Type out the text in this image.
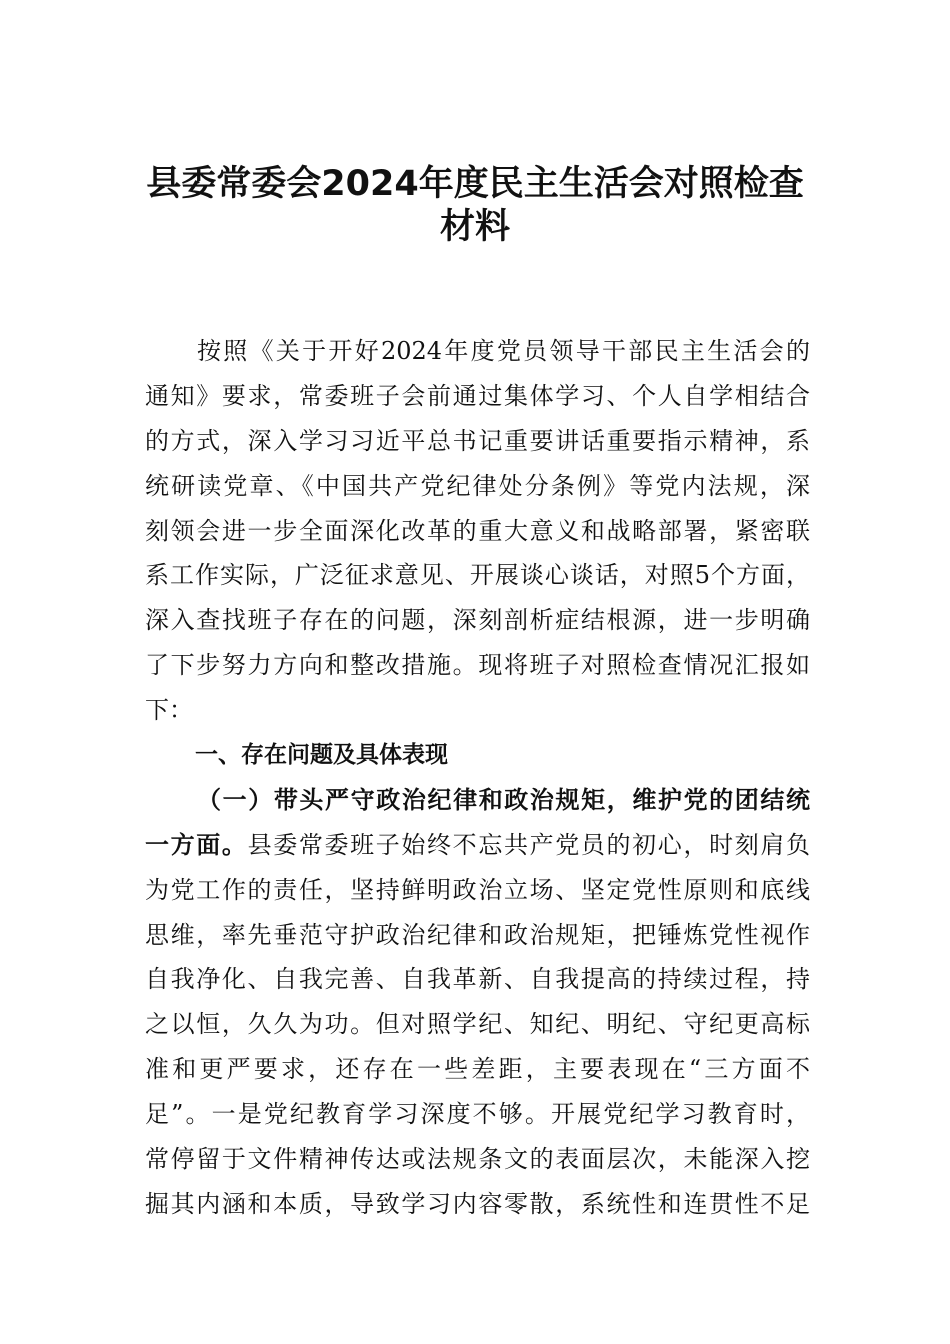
县委常委会2024年度民主生活会对照检查
材料

按照《关于开好2024年度党员领导干部民主生活会的

通知》要求，常委班子会前通过集体学习、个人自学相结合

的方式，深入学习习近平总书记重要讲话重要指示精神，系

统研读党章、《中国共产党纪律处分条例》等党内法规，深

刻领会进一步全面深化改革的重大意义和战略部署，紧密联

系工作实际，广泛征求意见、开展谈心谈话，对照5个方面，

深入查找班子存在的问题，深刻剖析症结根源，进一步明确

了下步努力方向和整改措施。现将班子对照检查情况汇报如

下：

一、存在问题及具体表现

（一）带头严守政治纪律和政治规矩，维护党的团结统

一方面。县委常委班子始终不忘共产党员的初心，时刻肩负

为党工作的责任，坚持鲜明政治立场、坚定党性原则和底线

思维，率先垂范守护政治纪律和政治规矩，把锤炼党性视作

自我净化、自我完善、自我革新、自我提高的持续过程，持

之以恒，久久为功。但对照学纪、知纪、明纪、守纪更高标

准和更严要求，还存在一些差距，主要表现在“三方面不

足”。一是党纪教育学习深度不够。开展党纪学习教育时，

常停留于文件精神传达或法规条文的表面层次，未能深入挖

掘其内涵和本质，导致学习内容零散，系统性和连贯性不足
